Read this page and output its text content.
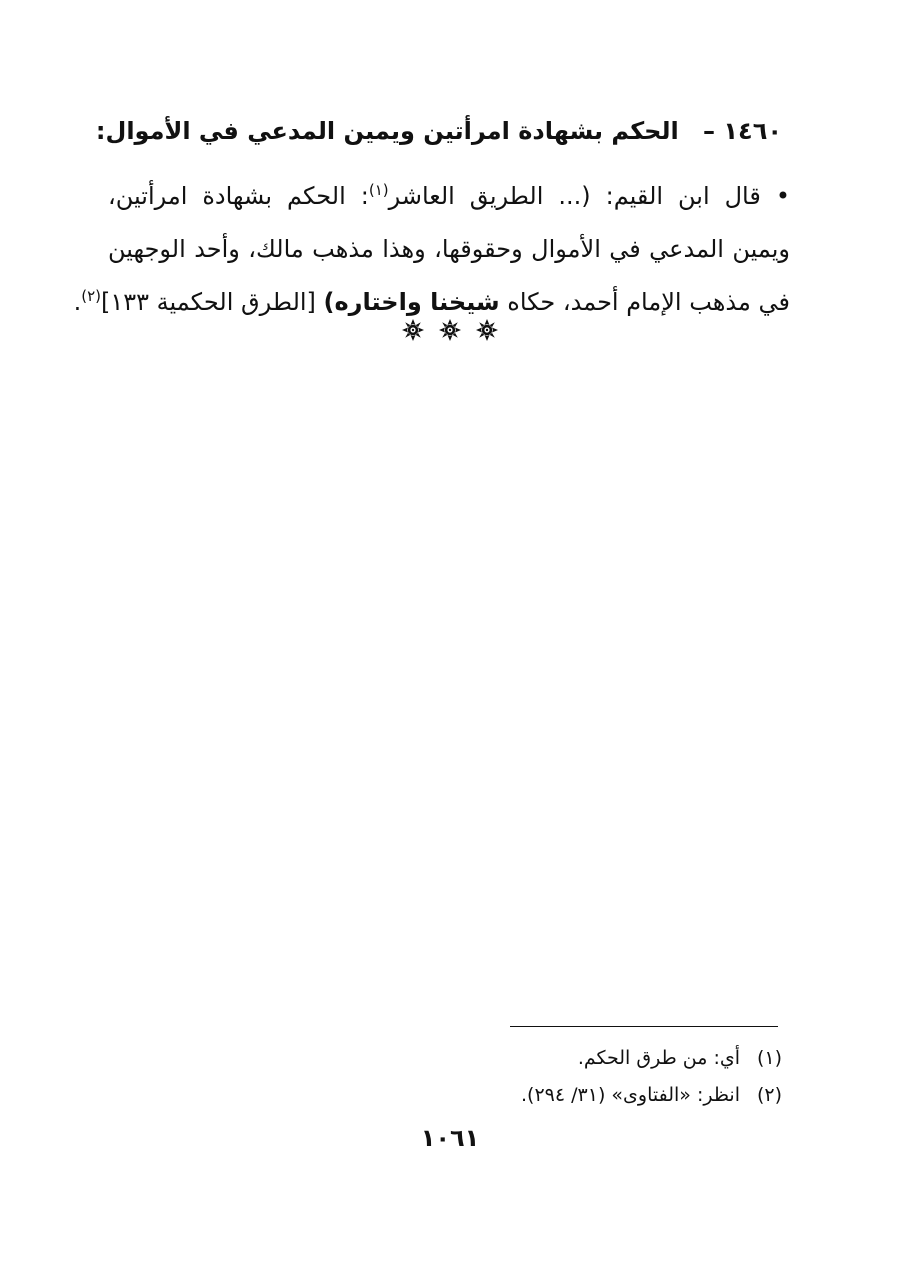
١٤٦٠ – الحكم بشهادة امرأتين ويمين المدعي في الأموال:
• قال ابن القيم: (... الطريق العاشر$^{(١)}$: الحكم بشهادة امرأتين،
ويمين المدعي في الأموال وحقوقها، وهذا مذهب مالك، وأحد الوجهين
في مذهب الإمام أحمد، حكاه شيخنا واختاره) [الطرق الحكمية ١٣٣]$^{(٢)}$.

(١)أي: من طرق الحكم.
(٢)انظر: «الفتاوى» (٣١/ ٢٩٤).
١٠٦١
